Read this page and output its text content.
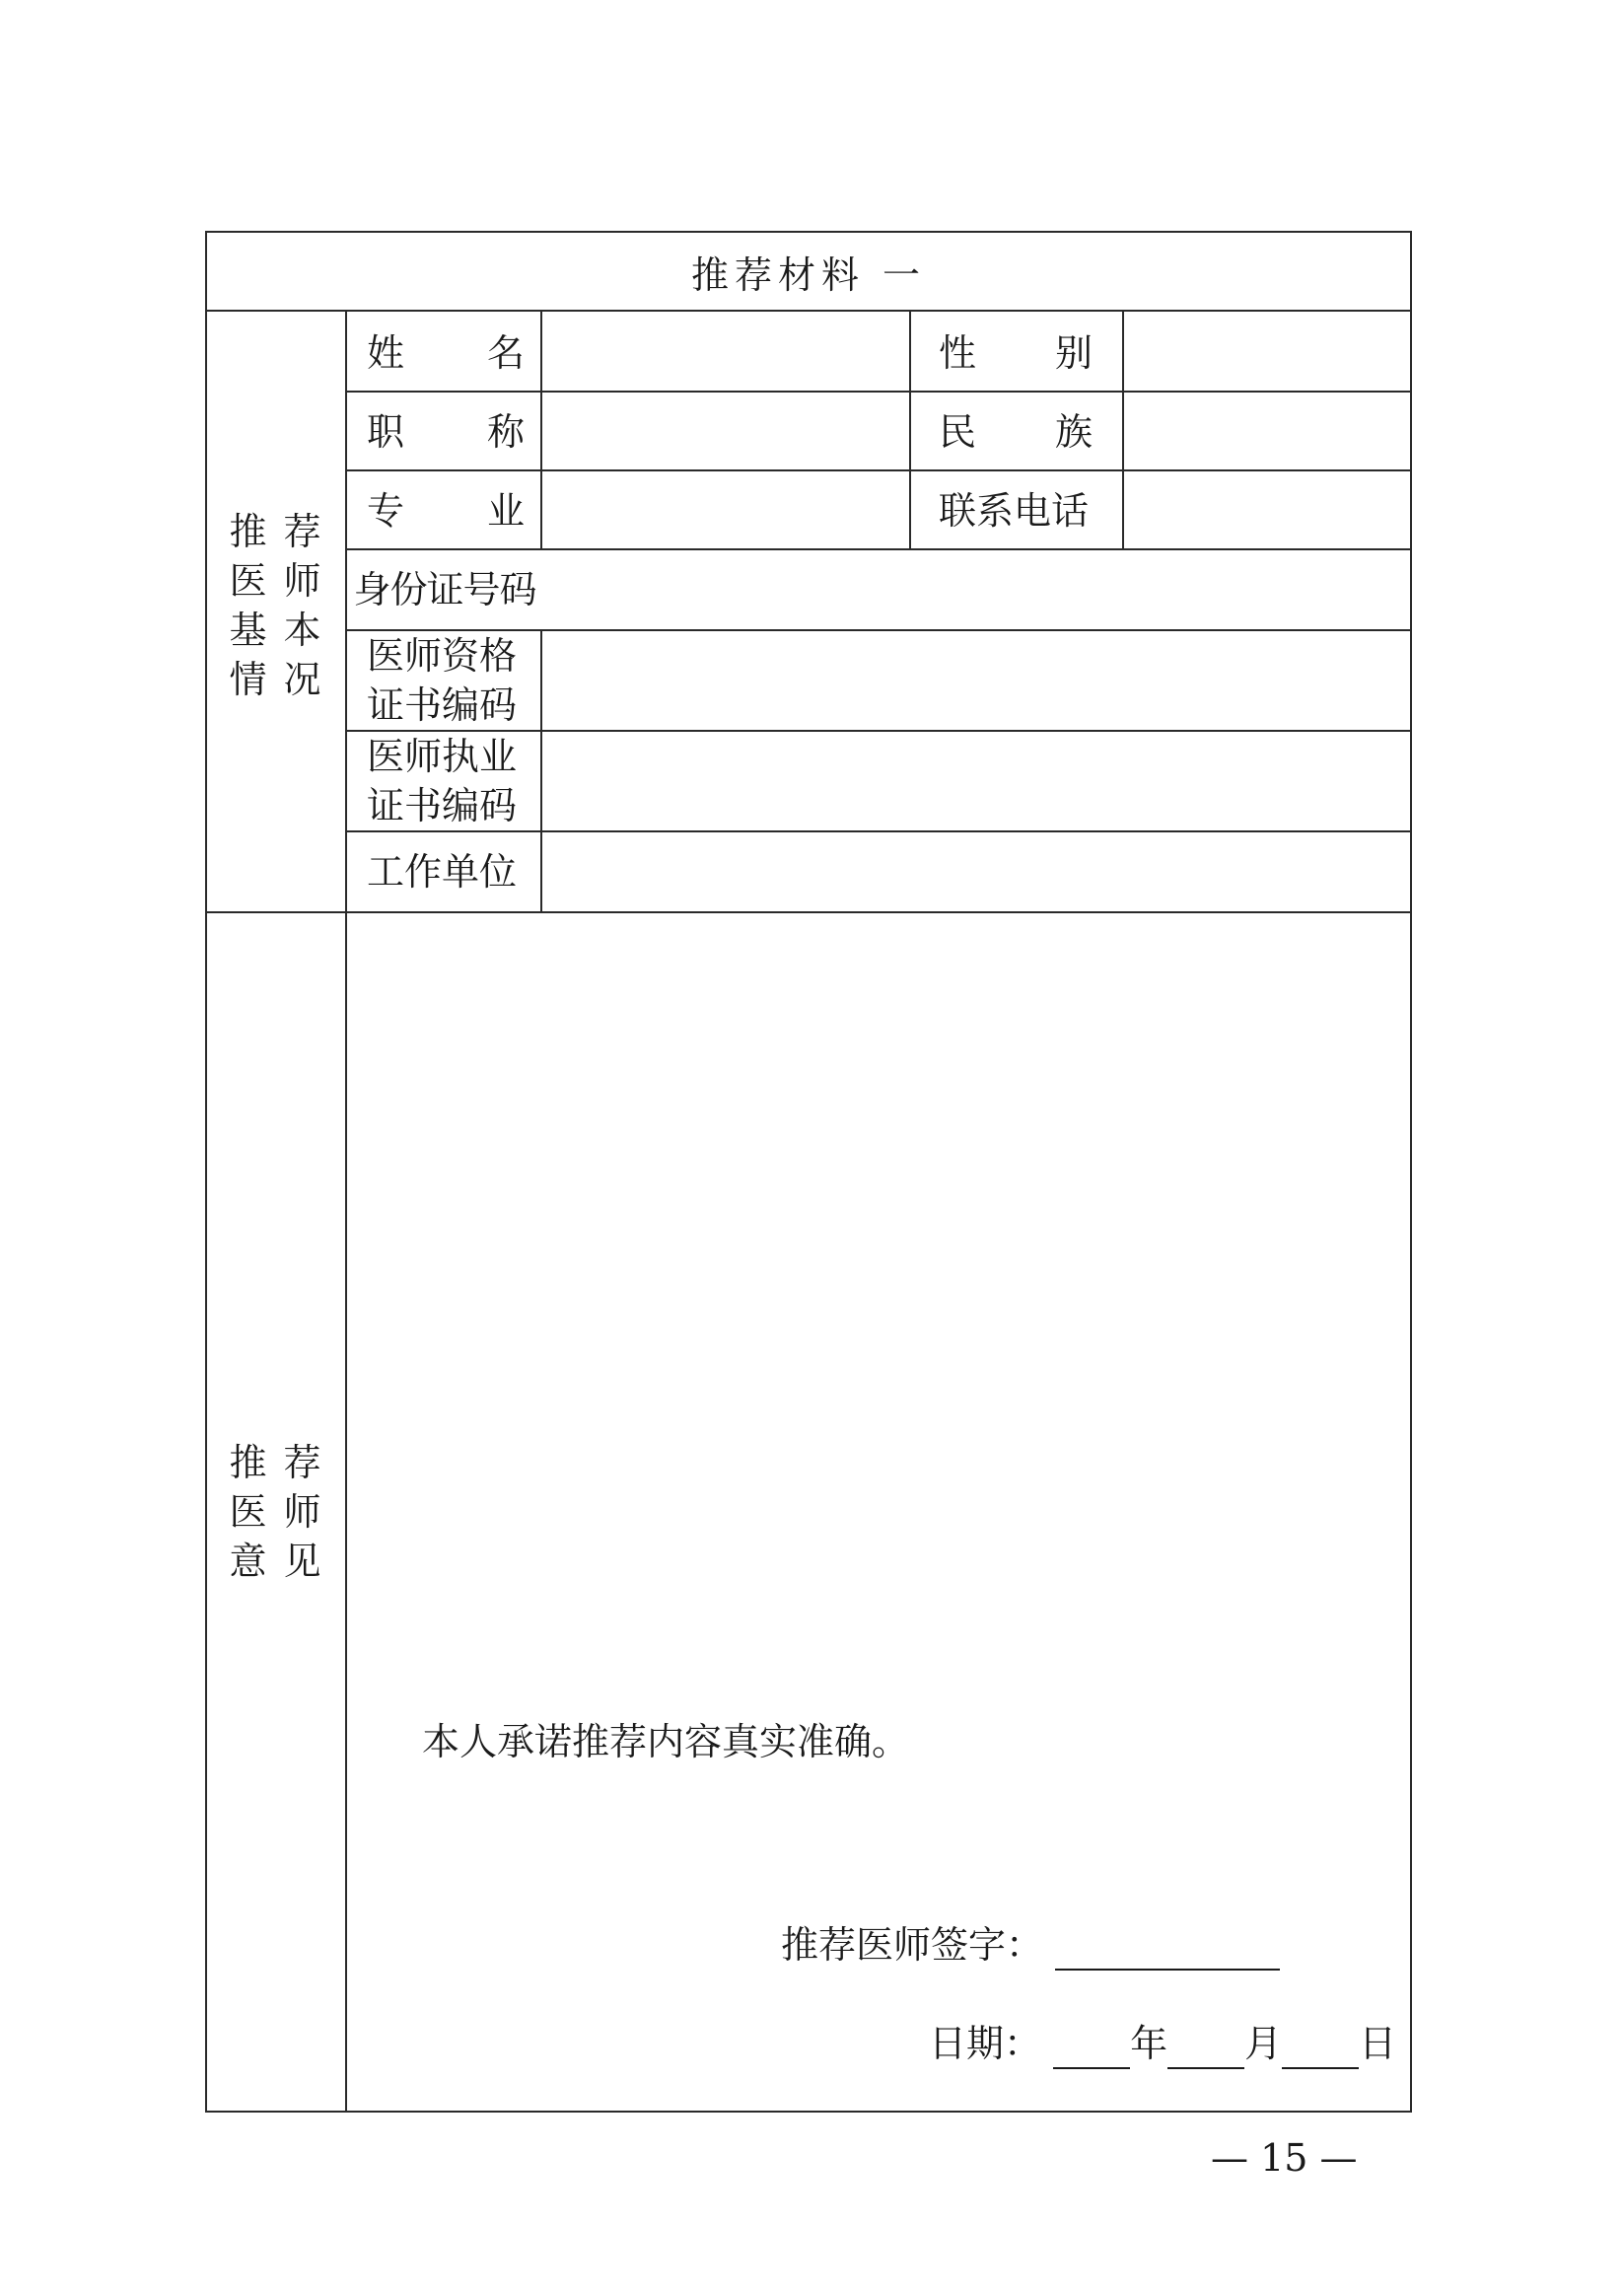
推荐材料 一
推 荐
医 师
基 本
情 况
姓 名	性 别
职 称	民 族
专 业	联系电话
身份证号码
医师资格
证书编码
医师执业
证书编码
工作单位
推 荐
医 师
意 见
本人承诺推荐内容真实准确。
推荐医师签字：
日期： 年 月 日
— 15 —
